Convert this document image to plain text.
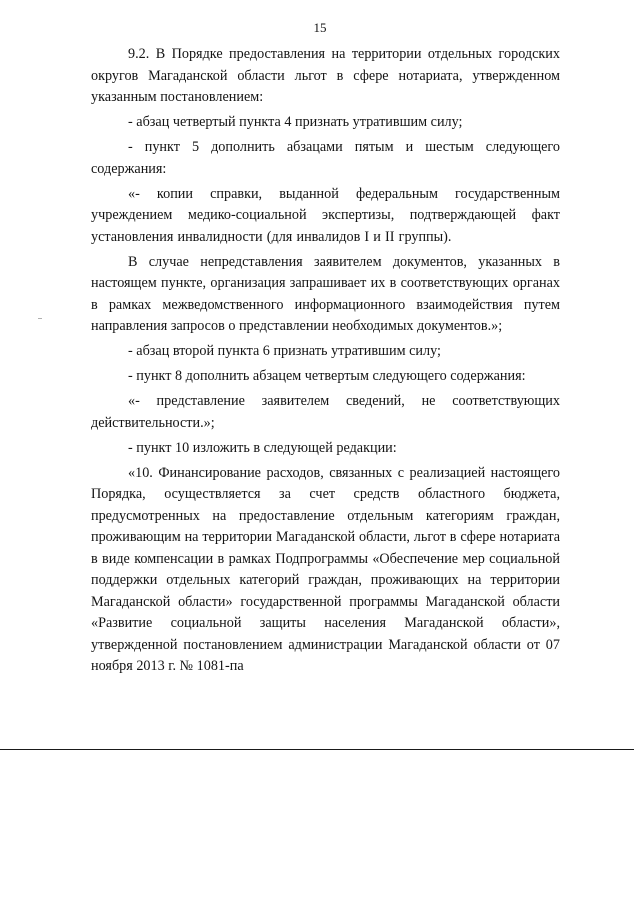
15

9.2. В Порядке предоставления на территории отдельных городских округов Магаданской области льгот в сфере нотариата, утвержденном указанным постановлением:

- абзац четвертый пункта 4 признать утратившим силу;

- пункт 5 дополнить абзацами пятым и шестым следующего содержания:

«- копии справки, выданной федеральным государственным учреждением медико-социальной экспертизы, подтверждающей факт установления инвалидности (для инвалидов I и II группы).

В случае непредставления заявителем документов, указанных в настоящем пункте, организация запрашивает их в соответствующих органах в рамках межведомственного информационного взаимодействия путем направления запросов о представлении необходимых документов.»;

- абзац второй пункта 6 признать утратившим силу;

- пункт 8 дополнить абзацем четвертым следующего содержания:

«- представление заявителем сведений, не соответствующих действительности.»;

- пункт 10 изложить в следующей редакции:

«10. Финансирование расходов, связанных с реализацией настоящего Порядка, осуществляется за счет средств областного бюджета, предусмотренных на предоставление отдельным категориям граждан, проживающим на территории Магаданской области, льгот в сфере нотариата в виде компенсации в рамках Подпрограммы «Обеспечение мер социальной поддержки отдельных категорий граждан, проживающих на территории Магаданской области» государственной программы Магаданской области «Развитие социальной защиты населения Магаданской области», утвержденной постановлением администрации Магаданской области от 07 ноября 2013 г. № 1081-па
